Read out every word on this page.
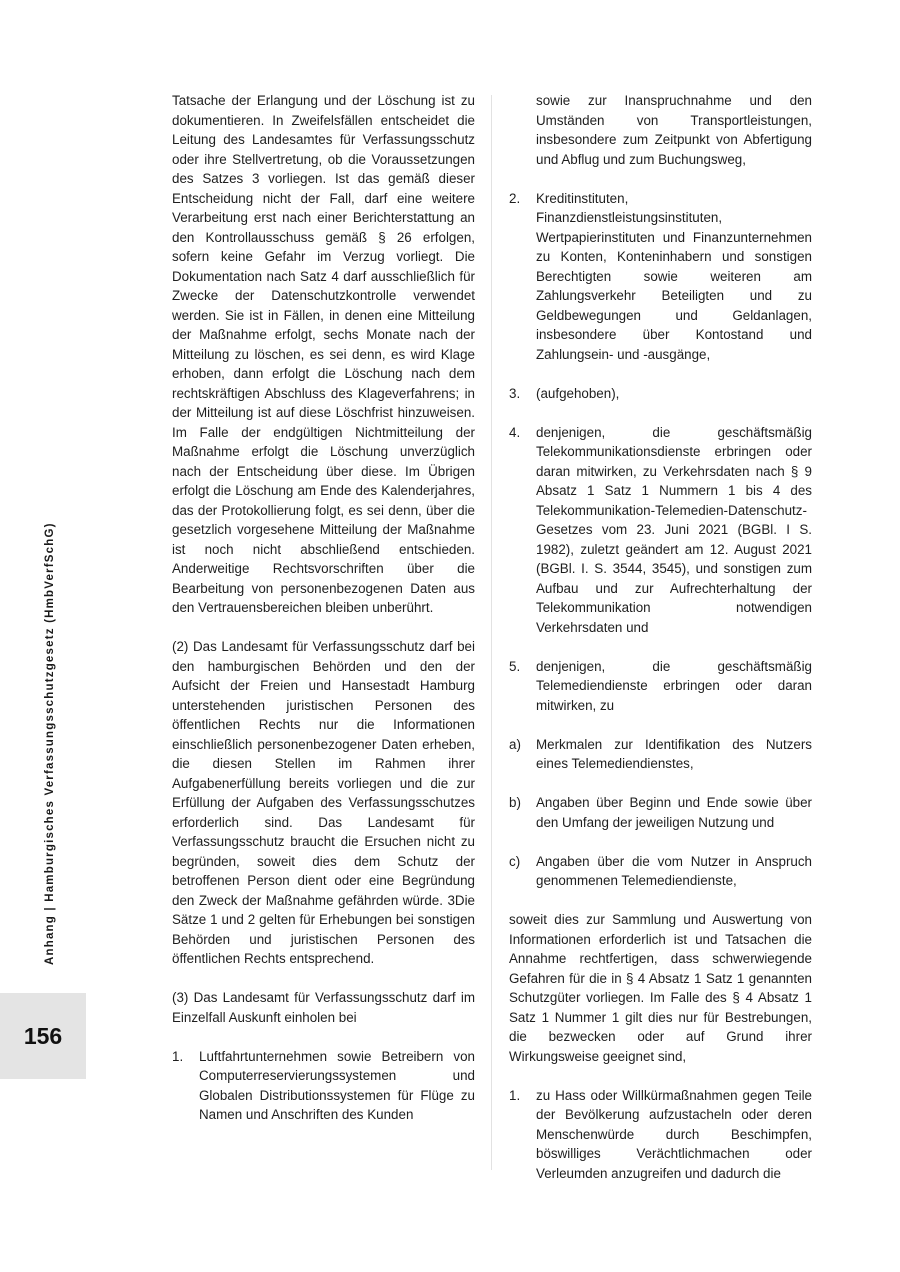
Anhang | Hamburgisches Verfassungsschutzgesetz (HmbVerfSchG)
156

Tatsache der Erlangung und der Löschung ist zu dokumentieren. In Zweifelsfällen entscheidet die Leitung des Landesamtes für Verfassungsschutz oder ihre Stellvertretung, ob die Voraussetzungen des Satzes 3 vorliegen. Ist das gemäß dieser Entscheidung nicht der Fall, darf eine weitere Verarbeitung erst nach einer Berichterstattung an den Kontrollausschuss gemäß § 26 erfolgen, sofern keine Gefahr im Verzug vorliegt. Die Dokumentation nach Satz 4 darf ausschließlich für Zwecke der Datenschutzkontrolle verwendet werden. Sie ist in Fällen, in denen eine Mitteilung der Maßnahme erfolgt, sechs Monate nach der Mitteilung zu löschen, es sei denn, es wird Klage erhoben, dann erfolgt die Löschung nach dem rechtskräftigen Abschluss des Klageverfahrens; in der Mitteilung ist auf diese Löschfrist hinzuweisen. Im Falle der endgültigen Nichtmitteilung der Maßnahme erfolgt die Löschung unverzüglich nach der Entscheidung über diese. Im Übrigen erfolgt die Löschung am Ende des Kalenderjahres, das der Protokollierung folgt, es sei denn, über die gesetzlich vorgesehene Mitteilung der Maßnahme ist noch nicht abschließend entschieden. Anderweitige Rechtsvorschriften über die Bearbeitung von personenbezogenen Daten aus den Vertrauensbereichen bleiben unberührt.

(2) Das Landesamt für Verfassungsschutz darf bei den hamburgischen Behörden und den der Aufsicht der Freien und Hansestadt Hamburg unterstehenden juristischen Personen des öffentlichen Rechts nur die Informationen einschließlich personenbezogener Daten erheben, die diesen Stellen im Rahmen ihrer Aufgabenerfüllung bereits vorliegen und die zur Erfüllung der Aufgaben des Verfassungsschutzes erforderlich sind. Das Landesamt für Verfassungsschutz braucht die Ersuchen nicht zu begründen, soweit dies dem Schutz der betroffenen Person dient oder eine Begründung den Zweck der Maßnahme gefährden würde. 3Die Sätze 1 und 2 gelten für Erhebungen bei sonstigen Behörden und juristischen Personen des öffentlichen Rechts entsprechend.

(3) Das Landesamt für Verfassungsschutz darf im Einzelfall Auskunft einholen bei

1.	Luftfahrtunternehmen sowie Betreibern von Computerreservierungssystemen und Globalen Distributionssystemen für Flüge zu Namen und Anschriften des Kunden
sowie zur Inanspruchnahme und den Umständen von Transportleistungen, insbesondere zum Zeitpunkt von Abfertigung und Abflug und zum Buchungsweg,
2.	Kreditinstituten, Finanzdienstleistungsinstituten, Wertpapierinstituten und Finanzunternehmen zu Konten, Konteninhabern und sonstigen Berechtigten sowie weiteren am Zahlungsverkehr Beteiligten und zu Geldbewegungen und Geldanlagen, insbesondere über Kontostand und Zahlungsein- und -ausgänge,
3.	(aufgehoben),
4.	denjenigen, die geschäftsmäßig Telekommunikationsdienste erbringen oder daran mitwirken, zu Verkehrsdaten nach § 9 Absatz 1 Satz 1 Nummern 1 bis 4 des Telekommunikation-Telemedien-Datenschutz-Gesetzes vom 23. Juni 2021 (BGBl. I S. 1982), zuletzt geändert am 12. August 2021 (BGBl. I. S. 3544, 3545), und sonstigen zum Aufbau und zur Aufrechterhaltung der Telekommunikation notwendigen Verkehrsdaten und
5.	denjenigen, die geschäftsmäßig Telemediendienste erbringen oder daran mitwirken, zu
a)	Merkmalen zur Identifikation des Nutzers eines Telemediendienstes,
b)	Angaben über Beginn und Ende sowie über den Umfang der jeweiligen Nutzung und
c)	Angaben über die vom Nutzer in Anspruch genommenen Telemediendienste,

soweit dies zur Sammlung und Auswertung von Informationen erforderlich ist und Tatsachen die Annahme rechtfertigen, dass schwerwiegende Gefahren für die in § 4 Absatz 1 Satz 1 genannten Schutzgüter vorliegen. Im Falle des § 4 Absatz 1 Satz 1 Nummer 1 gilt dies nur für Bestrebungen, die bezwecken oder auf Grund ihrer Wirkungsweise geeignet sind,

1.	zu Hass oder Willkürmaßnahmen gegen Teile der Bevölkerung aufzustacheln oder deren Menschenwürde durch Beschimpfen, böswilliges Verächtlichmachen oder Verleumden anzugreifen und dadurch die
